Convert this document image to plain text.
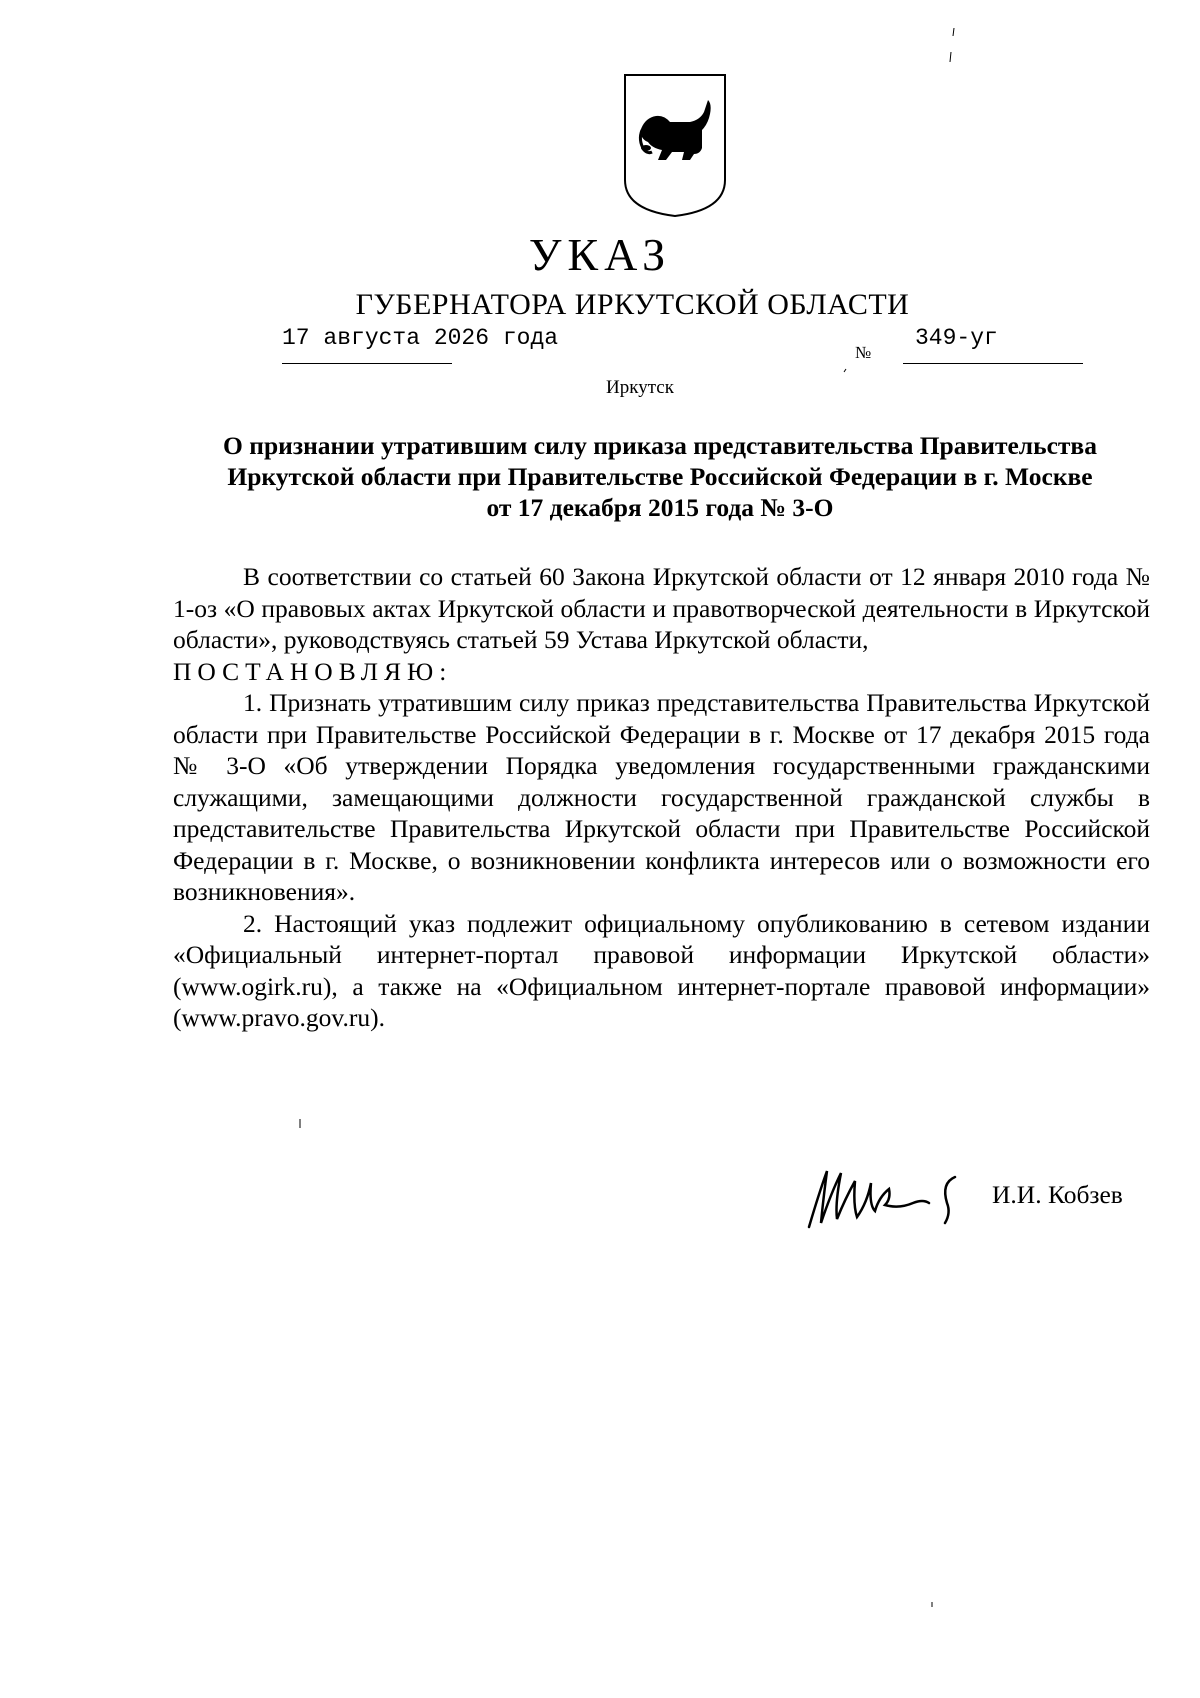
УКАЗ
ГУБЕРНАТОРА ИРКУТСКОЙ ОБЛАСТИ
17 августа 2026 года
№
349-уг
Иркутск
О признании утратившим силу приказа представительства Правительства
Иркутской области при Правительстве Российской Федерации в г. Москве
от 17 декабря 2015 года № 3-О

В соответствии со статьей 60 Закона Иркутской области от 12 января 2010 года № 1-оз «О правовых актах Иркутской области и правотворческой деятельности в Иркутской области», руководствуясь статьей 59 Устава Иркутской области,

ПОСТАНОВЛЯЮ:

1. Признать утратившим силу приказ представительства Правительства Иркутской области при Правительстве Российской Федерации в г. Москве от 17 декабря 2015 года № 3-О «Об утверждении Порядка уведомления государственными гражданскими служащими, замещающими должности государственной гражданской службы в представительстве Правительства Иркутской области при Правительстве Российской Федерации в г. Москве, о возникновении конфликта интересов или о возможности его возникновения».

2. Настоящий указ подлежит официальному опубликованию в сетевом издании «Официальный интернет-портал правовой информации Иркутской области» (www.ogirk.ru), а также на «Официальном интернет-портале правовой информации» (www.pravo.gov.ru).

И.И. Кобзев
